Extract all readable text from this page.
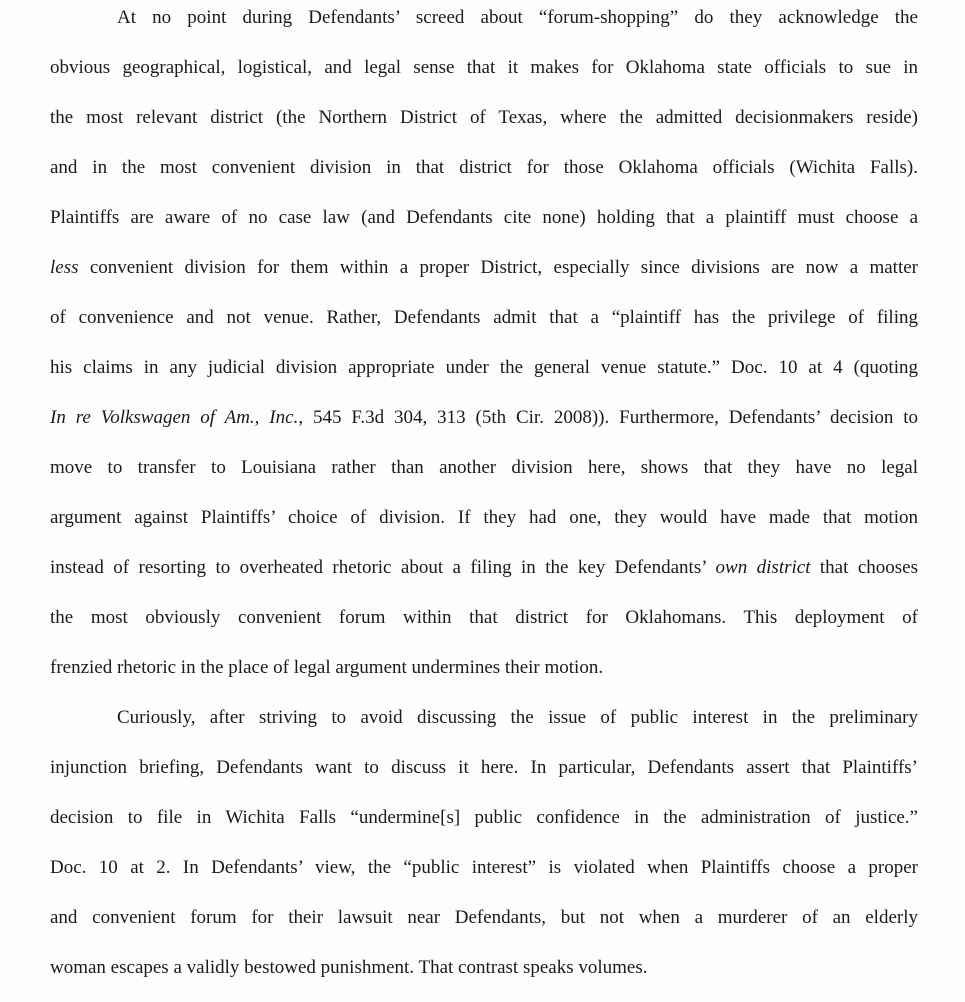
At no point during Defendants’ screed about “forum-shopping” do they acknowledge the
obvious geographical, logistical, and legal sense that it makes for Oklahoma state officials to sue in
the most relevant district (the Northern District of Texas, where the admitted decisionmakers reside)
and in the most convenient division in that district for those Oklahoma officials (Wichita Falls).
Plaintiffs are aware of no case law (and Defendants cite none) holding that a plaintiff must choose a
less convenient division for them within a proper District, especially since divisions are now a matter
of convenience and not venue. Rather, Defendants admit that a “plaintiff has the privilege of filing
his claims in any judicial division appropriate under the general venue statute.” Doc. 10 at 4 (quoting
In re Volkswagen of Am., Inc., 545 F.3d 304, 313 (5th Cir. 2008)). Furthermore, Defendants’ decision to
move to transfer to Louisiana rather than another division here, shows that they have no legal
argument against Plaintiffs’ choice of division. If they had one, they would have made that motion
instead of resorting to overheated rhetoric about a filing in the key Defendants’ own district that chooses
the most obviously convenient forum within that district for Oklahomans. This deployment of
frenzied rhetoric in the place of legal argument undermines their motion.
Curiously, after striving to avoid discussing the issue of public interest in the preliminary
injunction briefing, Defendants want to discuss it here. In particular, Defendants assert that Plaintiffs’
decision to file in Wichita Falls “undermine[s] public confidence in the administration of justice.”
Doc. 10 at 2. In Defendants’ view, the “public interest” is violated when Plaintiffs choose a proper
and convenient forum for their lawsuit near Defendants, but not when a murderer of an elderly
woman escapes a validly bestowed punishment. That contrast speaks volumes.
